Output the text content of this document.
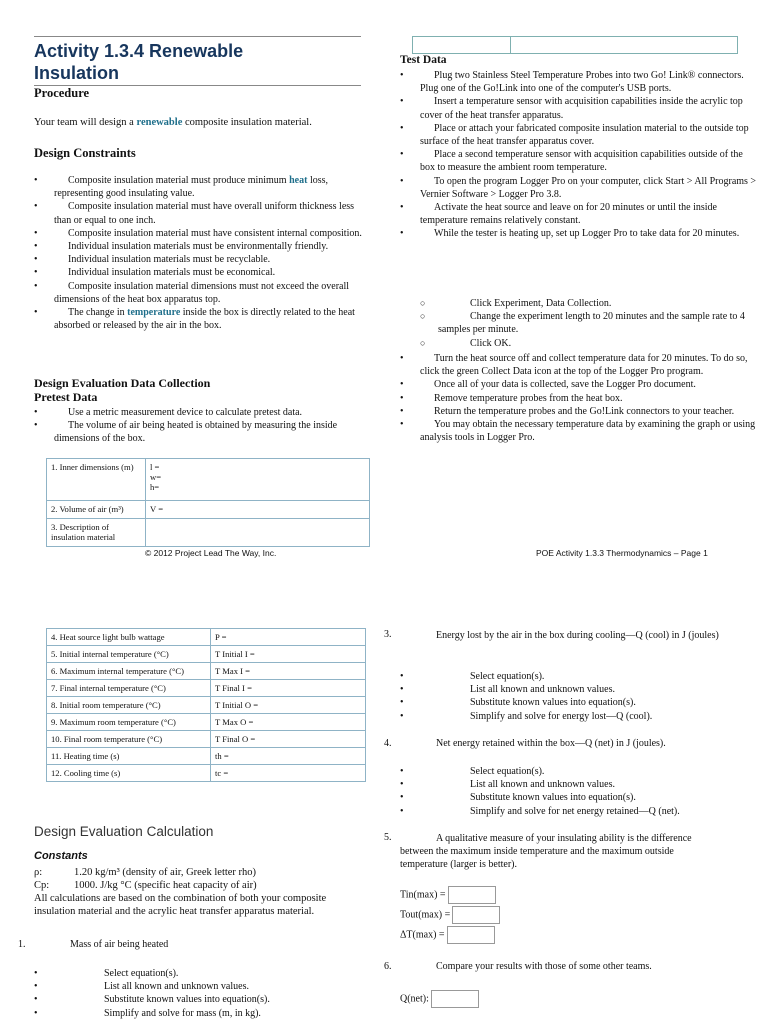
Activity 1.3.4 Renewable
Insulation
Procedure
Your team will design a renewable composite insulation material.
Design Constraints
•	Composite insulation material must produce minimum heat loss, representing good insulating value.
•	Composite insulation material must have overall uniform thickness less than or equal to one inch.
•	Composite insulation material must have consistent internal composition.
•	Individual insulation materials must be environmentally friendly.
•	Individual insulation materials must be recyclable.
•	Individual insulation materials must be economical.
•	Composite insulation material dimensions must not exceed the overall dimensions of the heat box apparatus top.
•	The change in temperature inside the box is directly related to the heat absorbed or released by the air in the box.
Design Evaluation Data Collection
Pretest Data
•	Use a metric measurement device to calculate pretest data.
•	The volume of air being heated is obtained by measuring the inside dimensions of the box.
1. Inner dimensions (m)	l =
w=
h=
2. Volume of air (m³)	V =
3. Description of insulation material	
© 2012 Project Lead The Way, Inc.
Test Data
•	Plug two Stainless Steel Temperature Probes into two Go! Link® connectors. Plug one of the Go!Link into one of the computer's USB ports.
•	Insert a temperature sensor with acquisition capabilities inside the acrylic top cover of the heat transfer apparatus.
•	Place or attach your fabricated composite insulation material to the outside top surface of the heat transfer apparatus cover.
•	Place a second temperature sensor with acquisition capabilities outside of the box to measure the ambient room temperature.
•	To open the program Logger Pro on your computer, click Start > All Programs > Vernier Software > Logger Pro 3.8.
•	Activate the heat source and leave on for 20 minutes or until the inside temperature remains relatively constant.
•	While the tester is heating up, set up Logger Pro to take data for 20 minutes.
○	Click Experiment, Data Collection.
○	Change the experiment length to 20 minutes and the sample rate to 4 samples per minute.
○	Click OK.
•	Turn the heat source off and collect temperature data for 20 minutes. To do so, click the green Collect Data icon at the top of the Logger Pro program.
•	Once all of your data is collected, save the Logger Pro document.
•	Remove temperature probes from the heat box.
•	Return the temperature probes and the Go!Link connectors to your teacher.
•	You may obtain the necessary temperature data by examining the graph or using analysis tools in Logger Pro.
POE Activity 1.3.3 Thermodynamics – Page 1
4. Heat source light bulb wattage	P =
5. Initial internal temperature (°C)	T Initial I =
6. Maximum internal temperature (°C)	T Max I =
7. Final internal temperature (°C)	T Final I =
8. Initial room temperature (°C)	T Initial O =
9. Maximum room temperature (°C)	T Max O =
10. Final room temperature (°C)	T Final O =
11. Heating time (s)	th =
12. Cooling time (s)	tc =
Design Evaluation Calculation
Constants
ρ:	1.20 kg/m³ (density of air, Greek letter rho)
Cp: 1000. J/kg °C (specific heat capacity of air)
All calculations are based on the combination of both your composite insulation material and the acrylic heat transfer apparatus material.
1.	Mass of air being heated
•	Select equation(s).
•	List all known and unknown values.
•	Substitute known values into equation(s).
•	Simplify and solve for mass (m, in kg).
3.	Energy lost by the air in the box during cooling—Q (cool) in J (joules)
•	Select equation(s).
•	List all known and unknown values.
•	Substitute known values into equation(s).
•	Simplify and solve for energy lost—Q (cool).
4.	Net energy retained within the box—Q (net) in J (joules).
•	Select equation(s).
•	List all known and unknown values.
•	Substitute known values into equation(s).
•	Simplify and solve for net energy retained—Q (net).
5.	A qualitative measure of your insulating ability is the difference between the maximum inside temperature and the maximum outside temperature (larger is better).
Tin(max) =
Tout(max) =
ΔT(max) =
6.	Compare your results with those of some other teams.
Q(net):
